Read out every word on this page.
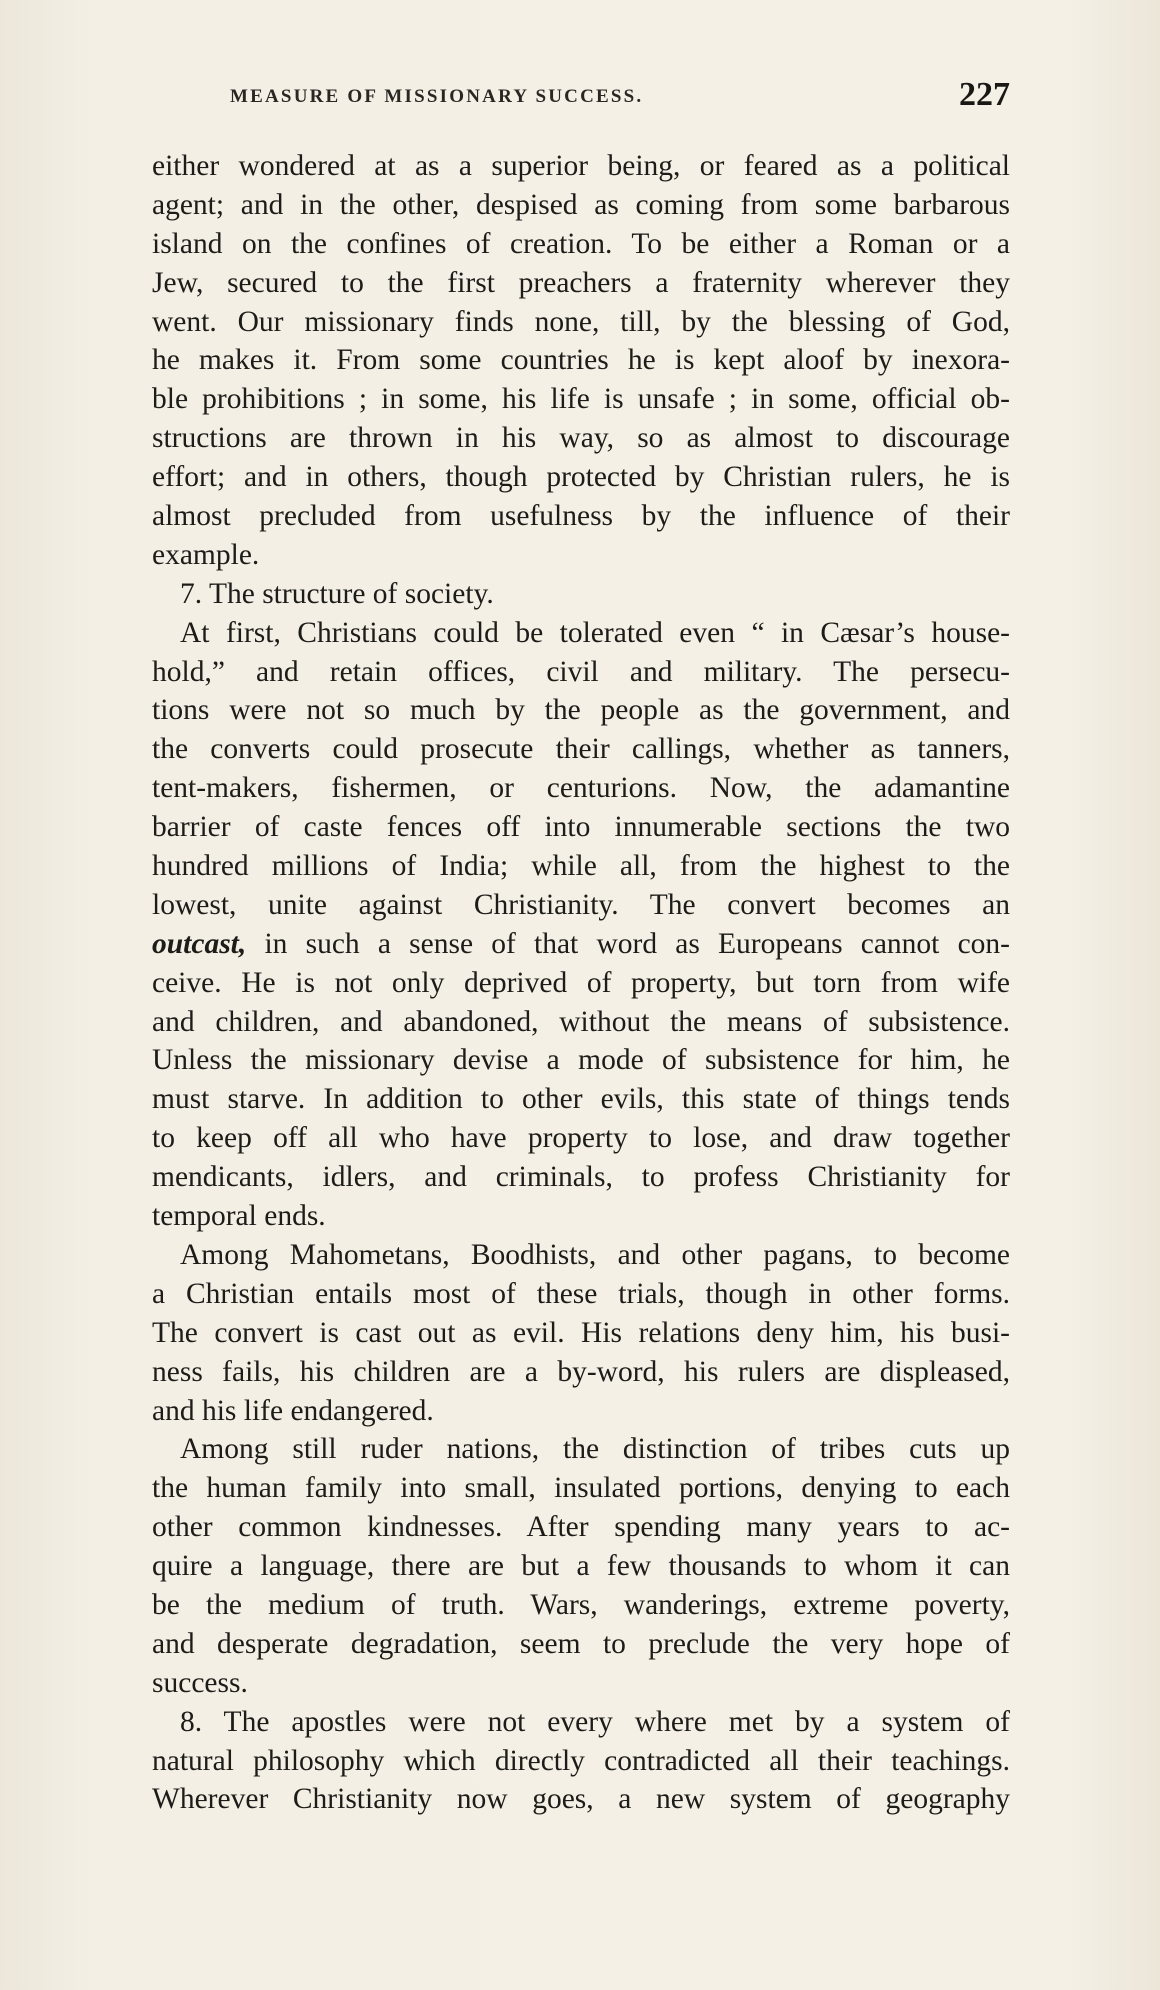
MEASURE OF MISSIONARY SUCCESS.	227
either wondered at as a superior being, or feared as a political
agent; and in the other, despised as coming from some barbarous
island on the confines of creation. To be either a Roman or a
Jew, secured to the first preachers a fraternity wherever they
went. Our missionary finds none, till, by the blessing of God,
he makes it. From some countries he is kept aloof by inexora-
ble prohibitions ; in some, his life is unsafe ; in some, official ob-
structions are thrown in his way, so as almost to discourage
effort; and in others, though protected by Christian rulers, he is
almost precluded from usefulness by the influence of their
example.
7. The structure of society.
At first, Christians could be tolerated even “ in Cæsar’s house-
hold,” and retain offices, civil and military. The persecu-
tions were not so much by the people as the government, and
the converts could prosecute their callings, whether as tanners,
tent-makers, fishermen, or centurions. Now, the adamantine
barrier of caste fences off into innumerable sections the two
hundred millions of India; while all, from the highest to the
lowest, unite against Christianity. The convert becomes an
outcast, in such a sense of that word as Europeans cannot con-
ceive. He is not only deprived of property, but torn from wife
and children, and abandoned, without the means of subsistence.
Unless the missionary devise a mode of subsistence for him, he
must starve. In addition to other evils, this state of things tends
to keep off all who have property to lose, and draw together
mendicants, idlers, and criminals, to profess Christianity for
temporal ends.
Among Mahometans, Boodhists, and other pagans, to become
a Christian entails most of these trials, though in other forms.
The convert is cast out as evil. His relations deny him, his busi-
ness fails, his children are a by-word, his rulers are displeased,
and his life endangered.
Among still ruder nations, the distinction of tribes cuts up
the human family into small, insulated portions, denying to each
other common kindnesses. After spending many years to ac-
quire a language, there are but a few thousands to whom it can
be the medium of truth. Wars, wanderings, extreme poverty,
and desperate degradation, seem to preclude the very hope of
success.
8. The apostles were not every where met by a system of
natural philosophy which directly contradicted all their teachings.
Wherever Christianity now goes, a new system of geography
